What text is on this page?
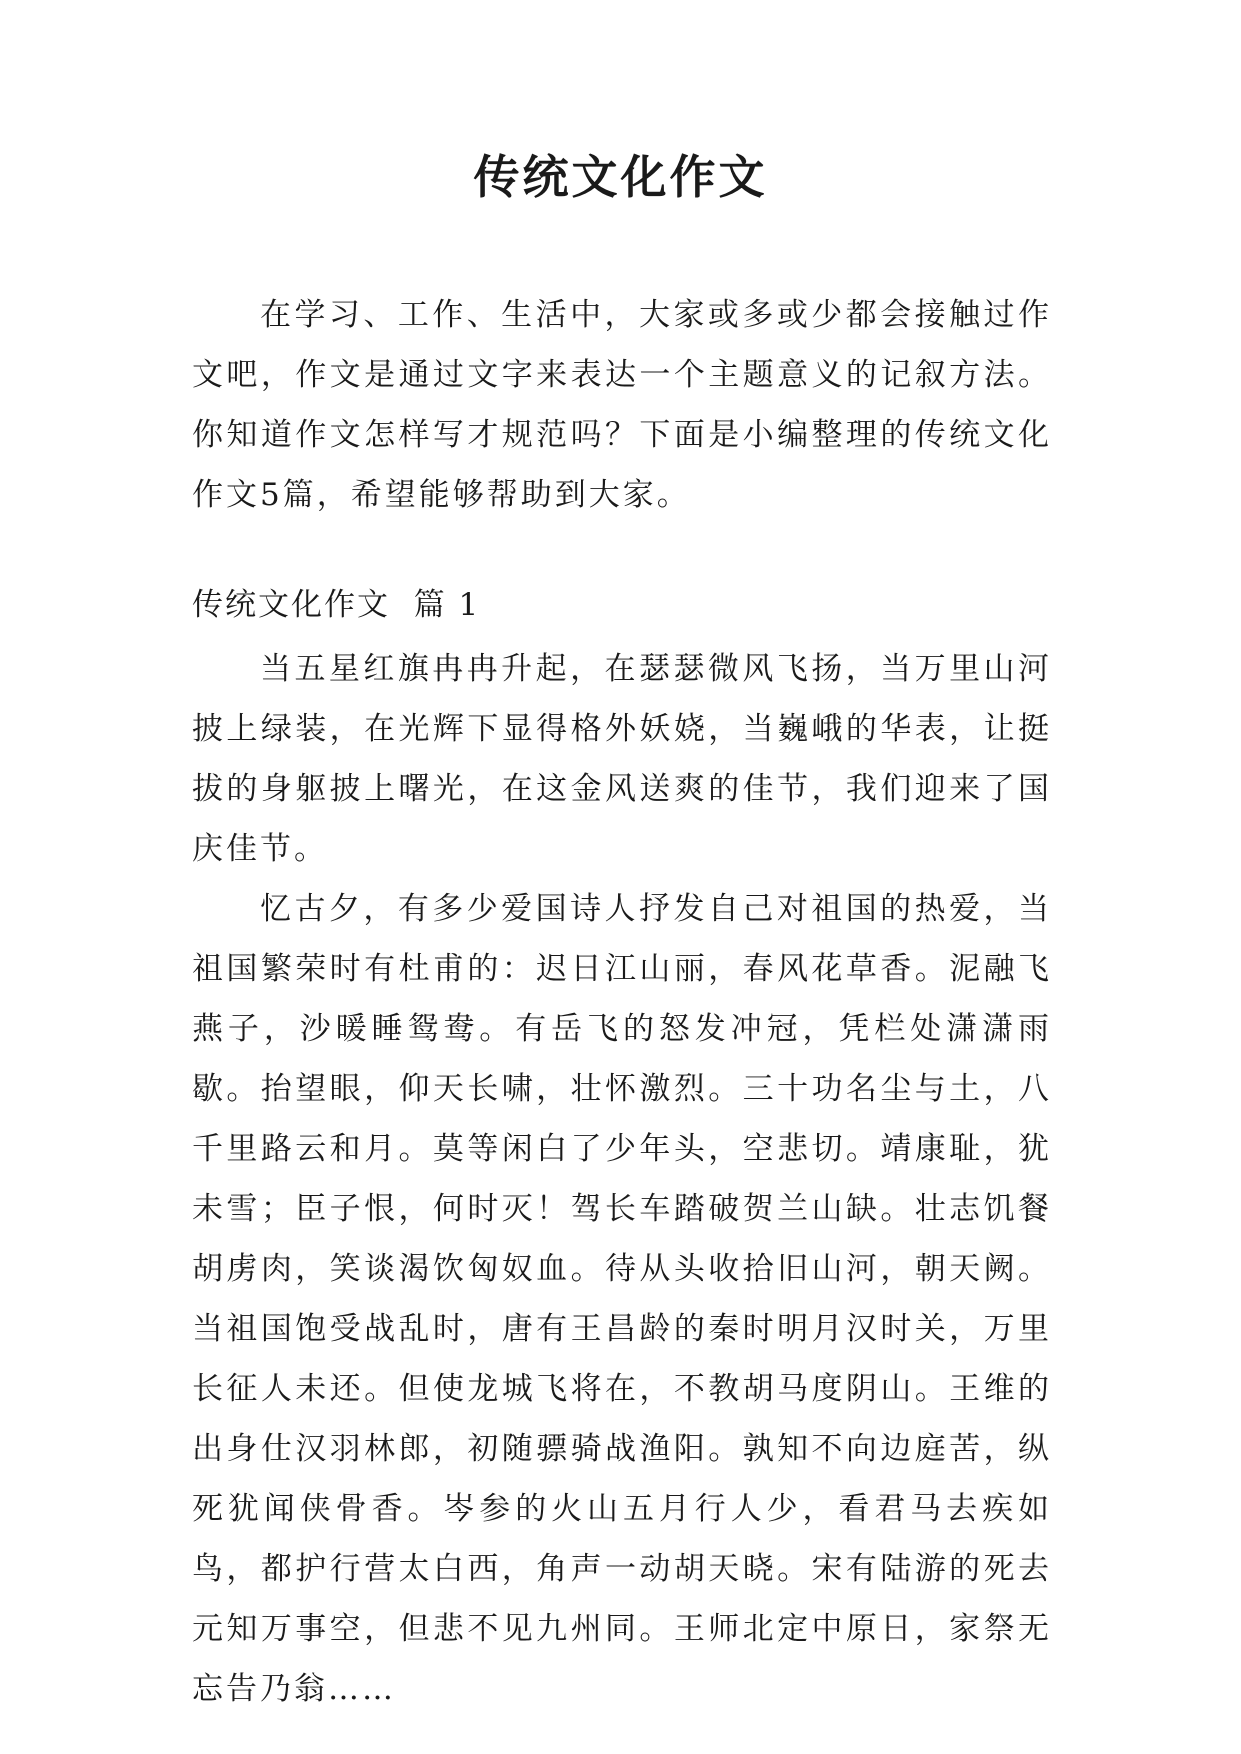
传统文化作文

在学习、工作、生活中，大家或多或少都会接触过作文吧，作文是通过文字来表达一个主题意义的记叙方法。你知道作文怎样写才规范吗？下面是小编整理的传统文化作文5篇，希望能够帮助到大家。

传统文化作文  篇 1

当五星红旗冉冉升起，在瑟瑟微风飞扬，当万里山河披上绿装，在光辉下显得格外妖娆，当巍峨的华表，让挺拔的身躯披上曙光，在这金风送爽的佳节，我们迎来了国庆佳节。

忆古夕，有多少爱国诗人抒发自己对祖国的热爱，当祖国繁荣时有杜甫的：迟日江山丽，春风花草香。泥融飞燕子，沙暖睡鸳鸯。有岳飞的怒发冲冠，凭栏处潇潇雨歇。抬望眼，仰天长啸，壮怀激烈。三十功名尘与土，八千里路云和月。莫等闲白了少年头，空悲切。靖康耻，犹未雪；臣子恨，何时灭！驾长车踏破贺兰山缺。壮志饥餐胡虏肉，笑谈渴饮匈奴血。待从头收拾旧山河，朝天阙。当祖国饱受战乱时，唐有王昌龄的秦时明月汉时关，万里长征人未还。但使龙城飞将在，不教胡马度阴山。王维的出身仕汉羽林郎，初随骠骑战渔阳。孰知不向边庭苦，纵死犹闻侠骨香。岑参的火山五月行人少，看君马去疾如鸟，都护行营太白西，角声一动胡天晓。宋有陆游的死去元知万事空，但悲不见九州同。王师北定中原日，家祭无忘告乃翁……
